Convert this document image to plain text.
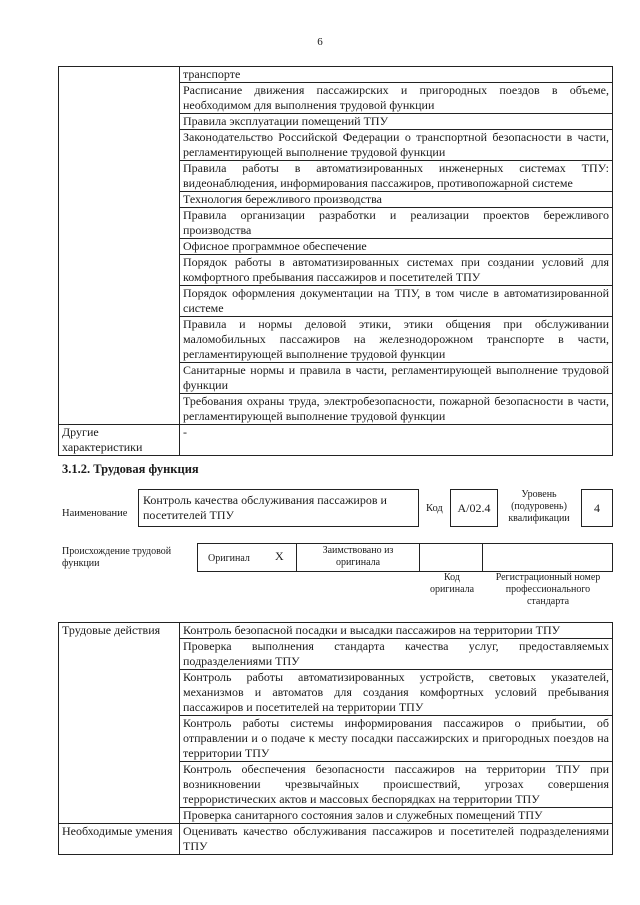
6
	транспорте
	Расписание движения пассажирских и пригородных поездов в объеме, необходимом для выполнения трудовой функции
	Правила эксплуатации помещений ТПУ
	Законодательство Российской Федерации о транспортной безопасности в части, регламентирующей выполнение трудовой функции
	Правила работы в автоматизированных инженерных системах ТПУ: видеонаблюдения, информирования пассажиров, противопожарной системе
	Технология бережливого производства
	Правила организации разработки и реализации проектов бережливого производства
	Офисное программное обеспечение
	Порядок работы в автоматизированных системах при создании условий для комфортного пребывания пассажиров и посетителей ТПУ
	Порядок оформления документации на ТПУ, в том числе в автоматизированной системе
	Правила и нормы деловой этики, этики общения при обслуживании маломобильных пассажиров на железнодорожном транспорте в части, регламентирующей выполнение трудовой функции
	Санитарные нормы и правила в части, регламентирующей выполнение трудовой функции
	Требования охраны труда, электробезопасности, пожарной безопасности в части, регламентирующей выполнение трудовой функции
Другие характеристики	-
3.1.2. Трудовая функция
Наименование
Контроль качества обслуживания пассажиров и посетителей ТПУ	Код	A/02.4
Уровень (подуровень) квалификации
4
Происхождение трудовой функции	Оригинал X	Заимствовано из оригинала
Код оригинала
Регистрационный номер профессионального стандарта
Трудовые действия	Контроль безопасной посадки и высадки пассажиров на территории ТПУ
	Проверка выполнения стандарта качества услуг, предоставляемых подразделениями ТПУ
	Контроль работы автоматизированных устройств, световых указателей, механизмов и автоматов для создания комфортных условий пребывания пассажиров и посетителей на территории ТПУ
	Контроль работы системы информирования пассажиров о прибытии, об отправлении и о подаче к месту посадки пассажирских и пригородных поездов на территории ТПУ
	Контроль обеспечения безопасности пассажиров на территории ТПУ при возникновении чрезвычайных происшествий, угрозах совершения террористических актов и массовых беспорядках на территории ТПУ
	Проверка санитарного состояния залов и служебных помещений ТПУ
Необходимые умения	Оценивать качество обслуживания пассажиров и посетителей подразделениями ТПУ
